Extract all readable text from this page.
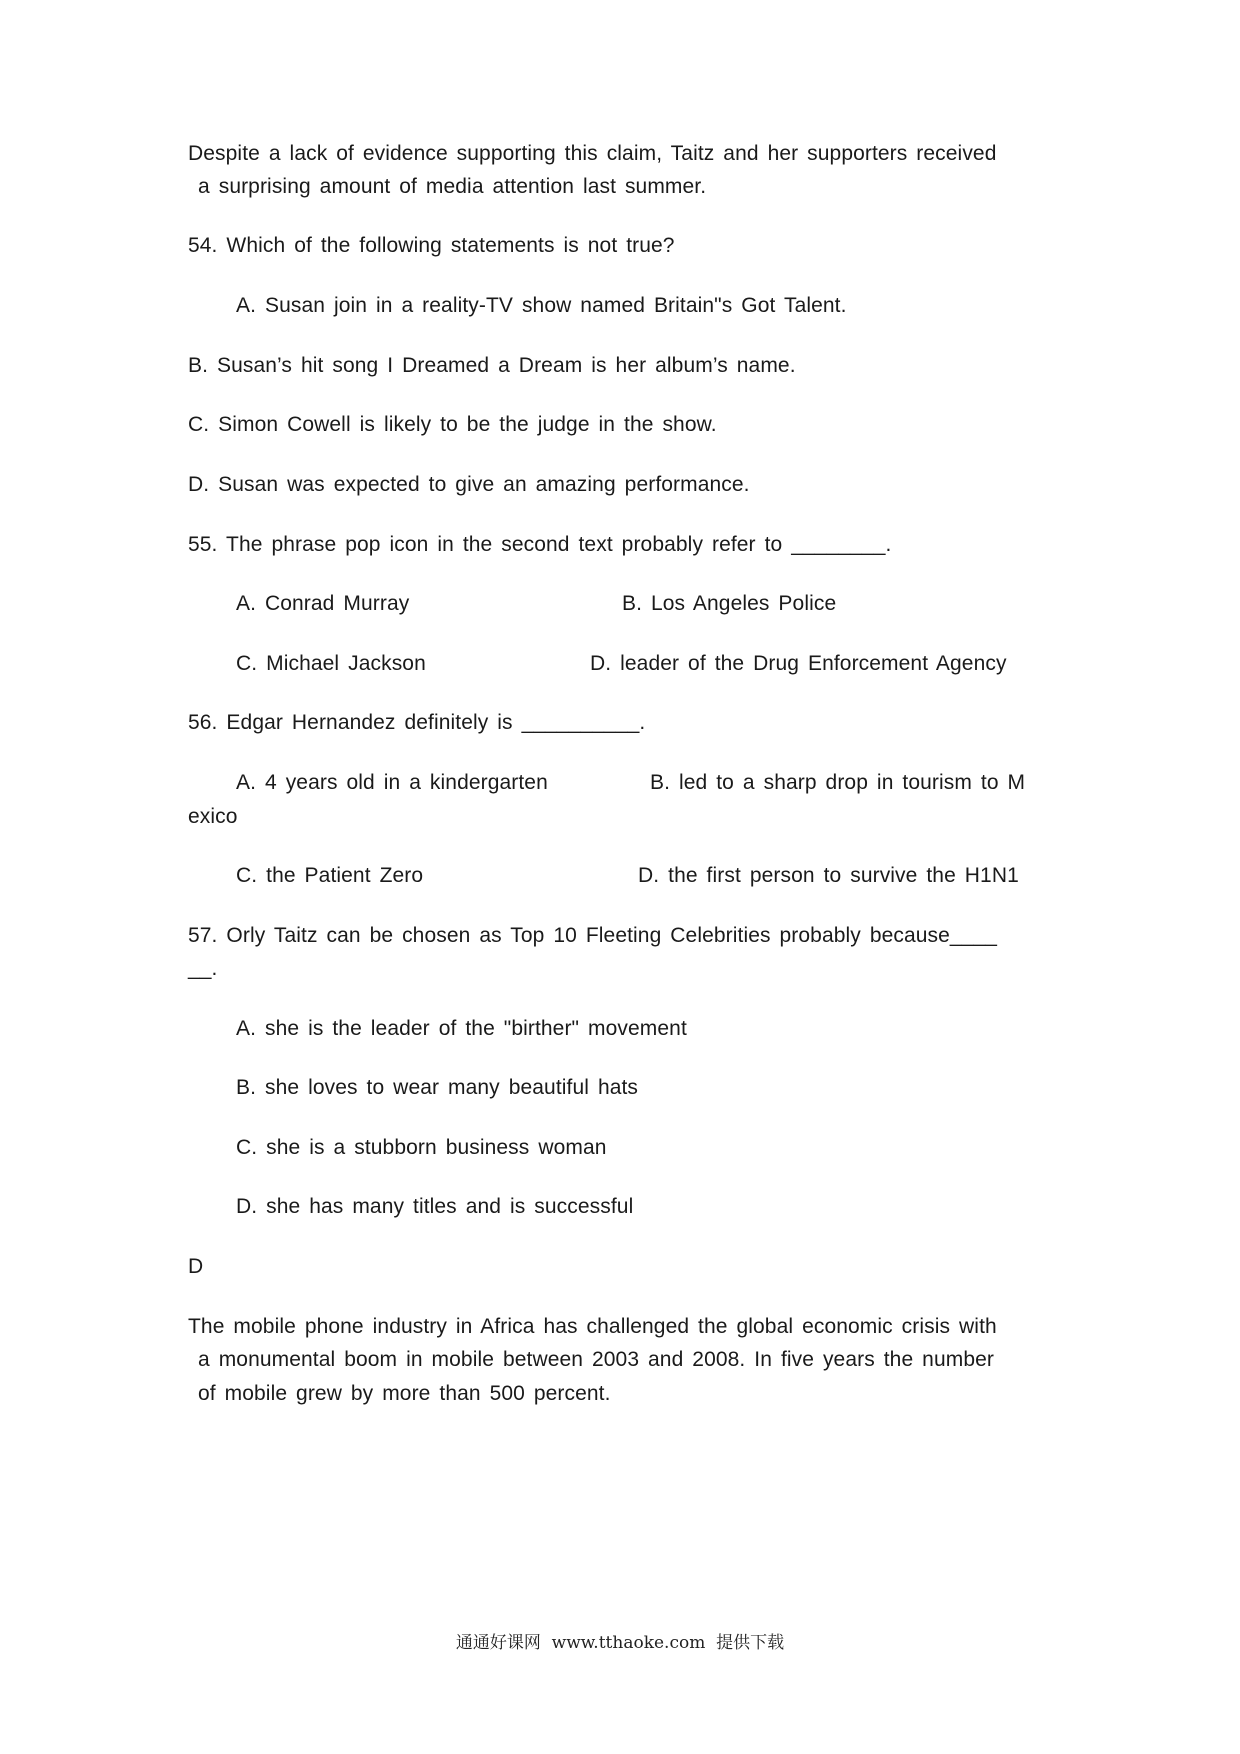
Despite a lack of evidence supporting this claim, Taitz and her supporters received
a surprising amount of media attention last summer.
54. Which of the following statements is not true?
A. Susan join in a reality-TV show named Britain"s Got Talent.
B. Susan’s hit song I Dreamed a Dream is her album’s name.
C. Simon Cowell is likely to be the judge in the show.
D. Susan was expected to give an amazing performance.
55. The phrase pop icon in the second text probably refer to ________.
A. Conrad Murray	B. Los Angeles Police
C. Michael Jackson	D. leader of the Drug Enforcement Agency
56. Edgar Hernandez definitely is __________.
A. 4 years old in a kindergarten	B. led to a sharp drop in tourism to M
exico
C. the Patient Zero	D. the first person to survive the H1N1
57. Orly Taitz can be chosen as Top 10 Fleeting Celebrities probably because____
__.
A. she is the leader of the "birther" movement
B. she loves to wear many beautiful hats
C. she is a stubborn business woman
D. she has many titles and is successful
D
The mobile phone industry in Africa has challenged the global economic crisis with
a monumental boom in mobile between 2003 and 2008. In five years the number
of mobile grew by more than 500 percent.
通通好课网  www.tthaoke.com  提供下载
